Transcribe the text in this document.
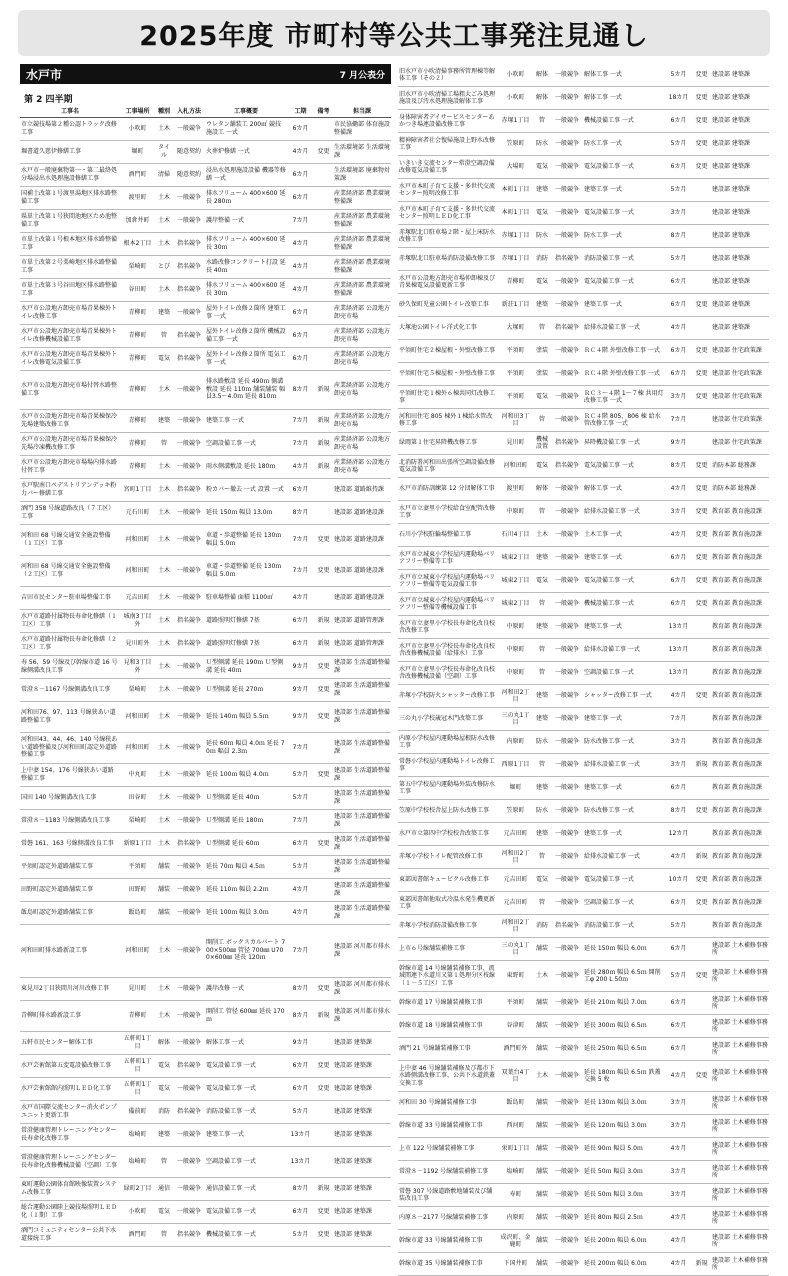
2025年度 市町村等公共工事発注見通し
水戸市	7 月公表分
第 2 四半期
工事名	工事場所	種別	入札方法	工事概要	工期	備考	担当課
市立競技場第２種公認トラック改修工事	小吹町	土木	一般競争	ウレタン舗装工 200㎡ 競技施設工 一式	6カ月		市民協働部 体育施設整備課
堀書道久慈伊修繕工事	堀町	タイル	随意契約	火葬炉修繕 一式	4カ月	変更	生活環境部 生活環境課
水戸市一般廃棄物第一・第二最終処分場浸出水処理施設修繕工事	酒門町	清掃	随意契約	浸出水処理施設設備 機器等修繕 一式	6カ月		生活環境部 廃棄物対策課
国補土改第１号渡里湯地区排水路整備工事	渡里町	土木	一般競争	排水フリューム 400×600 延長 280ｍ	6カ月		産業経済部 農業環境整備課
県単土改第１号狭間池地区ため池整備工事	加倉井町	土木	一般競争	護岸整備 一式	7カ月		産業経済部 農業環境整備課
市単土改第１号根本地区排水路整備工事	根本2丁目	土木	指名競争	排水フリューム 400×600 延長 30ｍ	4カ月		産業経済部 農業環境整備課
市単土改第２号栗崎地区排水路整備工事	栗崎町	とび	指名競争	水路改修コンクリート打設 延長 40ｍ	4カ月		産業経済部 農業環境整備課
市単土改第３号谷田地区排水路整備工事	谷田町	土木	指名競争	排水フリューム 400×600 延長 30ｍ	4カ月		産業経済部 農業環境整備課
水戸市公設地方卸売市場青果棟外トイレ改修工事	青柳町	建築	一般競争	屋外トイレ改修２箇所 建築工事 一式	6カ月		産業経済部 公設地方卸売市場
水戸市公設地方卸売市場青果棟外トイレ改修機械設備工事	青柳町	管	指名競争	屋外トイレ改修２箇所 機械設備工事 一式	6カ月		産業経済部 公設地方卸売市場
水戸市公設地方卸売市場青果棟外トイレ改修電気設備工事	青柳町	電気	指名競争	屋外トイレ改修２箇所 電気工事 一式	6カ月		産業経済部 公設地方卸売市場
水戸市公設地方卸売市場付替水路整備工事	青柳町	土木	一般競争	排水路敷設 延長 490ｍ 側溝敷設 延長 110ｍ 舗装舗装 幅員3.5～4.0ｍ 延長 810ｍ	8カ月	新規	産業経済部 公設地方卸売市場
水戸市公設地方卸売市場青果棟保冷先場建築改修工事	青柳町	建築	一般競争	建築工事 一式	7カ月	新規	産業経済部 公設地方卸売市場
水戸市公設地方卸売市場青果棟保冷先場冷凍機改修工事	青柳町	管	一般競争	空調設備工事 一式	7カ月	新規	産業経済部 公設地方卸売市場
水戸市公設地方卸売市場場内排水路付替工事	青柳町	土木	一般競争	雨水側溝敷設 延長 180ｍ	4カ月	新規	産業経済部 公設地方卸売市場
水戸駅南口ペデストリアンデッキ粉力バー修繕工事	宮町1丁目	土木	指名競争	粉カバー撤去 一式 設置 一式	6カ月		建設部 道路維持課
酒門 358 号線道路改良（７工区）工事	元石川町	土木	一般競争	延長 150ｍ 幅員 13.0ｍ	8カ月		建設部 道路建設課
河和田 68 号線交通安全施設整備（１工区）工事	河和田町	土木	一般競争	車道・歩道整備 延長 130ｍ 幅員 5.0ｍ	7カ月	変更	建設部 道路建設課
河和田 68 号線交通安全施設整備（２工区）工事	河和田町	土木	一般競争	車道・歩道整備 延長 130ｍ 幅員 5.0ｍ	7カ月	変更	建設部 道路建設課
吉田市民センター駐車場整備工事	元吉田町	土木	一般競争	駐車場整備 面積 1100㎡	4カ月		建設部 道路建設課
水戸市道路付属物長寿命化修繕（１工区）工事	城南3丁目外	土木	指名競争	道路照明灯修繕 7基	6カ月	新規	建設部 道路管理課
水戸市道路付属物長寿命化修繕（２工区）工事	見川町外	土木	指名競争	道路照明灯修繕 7基	6カ月	新規	建設部 道路管理課
寿 56、59 号線及び幹線市道 16 号線側溝改良工事	見和3丁目外	土木	一般競争	Ｕ型側溝 延長 190ｍ Ｕ型側溝 延長 40ｍ	9カ月	変更	建設部 生活道路整備課
常澄８－1167 号線側溝改良工事	栗崎町	土木	一般競争	Ｕ型側溝 延長 270ｍ	9カ月	変更	建設部 生活道路整備課
河和田76、97、113 号線狭あい道路整備工事	河和田町	土木	一般競争	延長 140ｍ 幅員 5.5ｍ	9カ月	変更	建設部 生活道路整備課
河和田43、44、46、140 号線狭あい道路整備及び河和田町認定外道路整備工事	河和田町	土木	一般競争	延長 60ｍ 幅員 4.0ｍ 延長 70ｍ 幅員 2.3ｍ	7カ月		建設部 生活道路整備課
上中妻 154、176 号線狭あい道路整備工事	中丸町	土木	一般競争	延長 100ｍ 幅員 4.0ｍ	5カ月	変更	建設部 生活道路整備課
国田 140 号線側溝改良工事	田谷町	土木	一般競争	Ｕ型側溝 延長 40ｍ	5カ月		建設部 生活道路整備課
常澄８－1183 号線側溝改良工事	栗崎町	土木	一般競争	Ｕ型側溝 延長 180ｍ	7カ月		建設部 生活道路整備課
常磐 161、163 号線側溝改良工事	新原1丁目	土木	指名競争	Ｕ型側溝 延長 60ｍ	6カ月	変更	建設部 生活道路整備課
平須町認定外道路舗装工事	平須町	舗装	一般競争	延長 70ｍ 幅員 4.5ｍ	5カ月		建設部 生活道路整備課
田野町認定外道路舗装工事	田野町	舗装	一般競争	延長 110ｍ 幅員 2.2ｍ	4カ月		建設部 生活道路整備課
飯島町認定外道路舗装工事	飯島町	舗装	一般競争	延長 100ｍ 幅員 3.0ｍ	4カ月		建設部 生活道路整備課
河和田町排水路新設工事	河和田町	土木	一般競争	開削工 ボックスカルバート 700×500㎜ 管径 700㎜ U700×600㎜ 延長 120ｍ	7カ月		建設部 河川都市排水課
東見川2丁目狭間川河川改修工事	見川町	土木	一般競争	護岸改修 一式	8カ月	変更	建設部 河川都市排水課
青柳町排水路新設工事	青柳町	土木	一般競争	開削工 管径 600㎜ 延長 170ｍ	8カ月	新規	建設部 河川都市排水課
五軒市民センター解体工事	五軒町1丁目	解体	一般競争	解体工事 一式	9カ月		建設部 建築課
水戸芸術館第五変電設備改修工事	五軒町1丁目	電気	指名競争	電気設備工事 一式	6カ月	変更	建設部 建築課
水戸芸術館館内照明ＬＥＤ化工事	五軒町1丁目	電気	一般競争	電気設備工事 一式	6カ月	変更	建設部 建築課
水戸市国際交流センター消火ポンプユニット更新工事	備前町	消防	指名競争	消防設備工事 一式	5カ月		建設部 建築課
常澄健康管理トレーニングセンター長寿命化改修工事	塩崎町	建築	一般競争	建築工事 一式	13カ月		建設部 建築課
常澄健康管理トレーニングセンター長寿命化改修機械設備（空調）工事	塩崎町	管	一般競争	空調設備工事 一式	13カ月		建設部 建築課
東町運動公園体育館映像装置システム改修工事	緑町2丁目	通信	一般競争	通信設備工事 一式	8カ月	新規	建設部 建築課
総合運動公園陸上競技場照明ＬＥＤ化（１期）工事	小吹町	電気	一般競争	電気設備工事 一式	6カ月	変更	建設部 建築課
酒門コミュニティセンター公共下水道接続工事	酒門町	管	指名競争	機械設備工事 一式	5カ月	変更	建設部 建築課
旧水戸市小吹清掃事務所管理棟等解体工事（その２）	小吹町	解体	一般競争	解体工事 一式	5カ月	変更	建設部 建築課
旧水戸市小吹清掃工場粗大ごみ処理施設及び汚水処理施設解体工事	小吹町	解体	一般競争	解体工事 一式	18カ月	変更	建設部 建築課
身体障害者デイサービスセンターあかつき場連設備改修工事	赤塚1丁目	管	一般競争	機械設備工事 一式	6カ月	変更	建設部 建築課
精神障害者社会復帰施設上野水改修工事	笠原町	防水	一般競争	防水工事 一式	5カ月	変更	建設部 建築課
いきいき交流センター常澄空調設備改修電気設備工事	大場町	電気	一般競争	電気設備工事 一式	6カ月	変更	建設部 建築課
水戸市本町子育て支援・多世代交流センター照明改修工事	本町1丁目	建築	一般競争	建築工事 一式	5カ月		建設部 建築課
水戸市本町子育て支援・多世代交流センター照明ＬＥＤ化工事	本町1丁目	電気	一般競争	電気設備工事 一式	3カ月		建設部 建築課
赤塚駅北口駐車場２階・屋上床防水改修工事	赤塚1丁目	防水	一般競争	防水工事 一式	8カ月		建設部 建築課
赤塚駅北口駐車場消防設備改修工事	赤塚1丁目	消防	指名競争	消防設備工事 一式	5カ月		建設部 建築課
水戸市公設地方卸売市場仲卸棟及び青果棟電気設備更新工事	青柳町	電気	一般競争	電気設備工事 一式	6カ月		建設部 建築課
砂久保町児童公園トイレ改築工事	新荘1丁目	建築	一般競争	建築工事 一式	6カ月	変更	建設部 建築課
大塚池公園トイレ洋式化工事	大塚町	管	指名競争	給排水設備工事 一式	4カ月		建設部 建築課
平須町住宅２棟屋根・外壁改修工事	平須町	塗装	一般競争	ＲＣ４階 外壁改修工事 一式	6カ月	変更	建設部 住宅政策課
平須町住宅５棟屋根・外壁改修工事	平須町	塗装	一般競争	ＲＣ４階 外壁改修工事 一式	6カ月	変更	建設部 住宅政策課
平須町住宅１棟外６棟共同灯改修工事	平須町	電気	一般競争	ＲＣ３～４階 1～７棟 共用灯改修工事 一式	3カ月	変更	建設部 住宅政策課
河和田住宅 805 棟外１棟給水管改修工事	河和田3丁目	管	一般競争	ＲＣ４階 805、806 棟 給水管改修工事 一式	7カ月		建設部 住宅政策課
緑岡第１住宅昇降機改修工事	見川町	機械設置	指名競争	昇降機設備工事 一式	9カ月		建設部 住宅政策課
北消防署河和田出張所空調設備改修電気設備工事	河和田町	電気	指名競争	電気設備工事 一式	8カ月	変更	消防本部 総務課
水戸市消防訓練第 12 分団解体工事	渡里町	解体	一般競争	解体工事 一式	4カ月	変更	消防本部 総務課
水戸市立妻里小学校給食室配管改修工事	中原町	管	一般競争	給排水設備工事 一式	3カ月	変更	教育部 教育施設課
石川小学校駐輪場整備工事	石川4丁目	土木	一般競争	土木工事 一式	4カ月	変更	教育部 教育施設課
水戸市立城東小学校屋内運動場バリアフリー整備等工事	城東2丁目	建築	一般競争	建築工事 一式	6カ月	変更	教育部 教育施設課
水戸市立城東小学校屋内運動場バリアフリー整備等電気設備工事	城東2丁目	電気	一般競争	電気設備工事 一式	6カ月	変更	教育部 教育施設課
水戸市立城東小学校屋内運動場バリアフリー整備等機械設備工事	城東2丁目	管	一般競争	機械設備工事 一式	6カ月	変更	教育部 教育施設課
水戸市立妻里小学校長寿命化改良校舎改修工事	中原町	建築	一般競争	建築工事 一式	13カ月		教育部 教育施設課
水戸市立妻里小学校長寿命化改良校舎改修機械設備（給排水）工事	中原町	管	一般競争	給排水設備工事 一式	13カ月		教育部 教育施設課
水戸市立妻里小学校長寿命化改良校舎改修機械設備（空調）工事	中原町	管	一般競争	空調設備工事 一式	13カ月		教育部 教育施設課
赤塚小学校防火シャッター改修工事	河和田2丁目	建築	一般競争	シャッター改修工事 一式	4カ月	変更	教育部 教育施設課
三の丸小学校歳冠木門改築工事	三の丸1丁目	建築	一般競争	建築工事 一式	7カ月		教育部 教育施設課
内原小学校屋内運動場屋根防水改修工事	内原町	防水	一般競争	防水改修工事 一式	3カ月		教育部 教育施設課
常磐小学校屋内運動場トイレ改修工事	西原1丁目	管	一般競争	給排水設備工事 一式	3カ月	新規	教育部 教育施設課
第五中学校屋内運動場外装改修防水工事	堀町	建築	一般競争	建築工事 一式	6カ月		教育部 教育施設課
笠原中学校校舎屋上防水改修工事	笠原町	防水	一般競争	防水改修工事 一式	8カ月	変更	教育部 教育施設課
水戸市立第四中学校校舎改築工事	元吉田町	建築	一般競争	建築工事 一式	12カ月		教育部 教育施設課
赤塚小学校トイレ配管改修工事	河和田2丁目	管	一般競争	給排水設備工事 一式	4カ月	新規	教育部 教育施設課
東部図書館キュービクル改修工事	元吉田町	電気	一般競争	電気設備工事 一式	10カ月	変更	教育部 教育施設課
東部図書館他取式冷温水発生機更新工事	元吉田町	管	一般競争	空調設備工事 一式	6カ月	変更	教育部 教育施設課
赤塚小学校消防設備改修工事	河和田2丁目	消防	指名競争	消防設備工事 一式	5カ月		教育部 教育施設課
上市６号線舗装補修工事	三の丸1丁目	舗装	一般競争	延長 150ｍ 幅員 6.0ｍ	6カ月		建設部 土木補修事務所
幹線市道 14 号線舗装補修工事、流域関連下水道川又第１処理分区枝線（１－５工区）工事	東野町	土木	一般競争	延長 280ｍ 幅員 6.5ｍ 開削工φ 200 L 50ｍ	5カ月	変更	建設部 土木補修事務所
幹線市道 17 号線舗装補修工事	平須町	舗装	一般競争	延長 210ｍ 幅員 7.0ｍ	6カ月		建設部 土木補修事務所
幹線市道 18 号線舗装補修工事	谷津町	舗装	一般競争	延長 300ｍ 幅員 6.5ｍ	6カ月		建設部 土木補修事務所
酒門 21 号線舗装補修工事	酒門町外	舗装	一般競争	延長 250ｍ 幅員 6.5ｍ	6カ月		建設部 土木補修事務所
上中妻 46 号線舗装補修及び都市下水路側溝改修工事、公共下水道鉄蓋交換工事	双葉台4丁目	土木	一般競争	延長 180ｍ 幅員 6.5ｍ 鉄蓋交換 5 枚	4カ月	変更	建設部 土木補修事務所
河和田 30 号線舗装補修工事	飯島町	舗装	一般競争	延長 130ｍ 幅員 3.0ｍ	3カ月		建設部 土木補修事務所
幹線市道 33 号線舗装補修工事	西河町	舗装	一般競争	延長 120ｍ 幅員 3.0ｍ	3カ月		建設部 土木補修事務所
上市 122 号線舗装補修工事	栄町1丁目	舗装	一般競争	延長 90ｍ 幅員 5.0ｍ	4カ月		建設部 土木補修事務所
常澄８－1192 号線舗装補修工事	塩崎町	舗装	一般競争	延長 50ｍ 幅員 3.0ｍ	3カ月		建設部 土木補修事務所
常磐 307 号線道路敷地舗装及び舗装改良工事	寿町	舗装	一般競争	延長 50ｍ 幅員 3.0ｍ	3カ月		建設部 土木補修事務所
内原８－2177 号線舗装補修工事	内原町	舗装	一般競争	延長 80ｍ 幅員 2.5ｍ	4カ月		建設部 土木補修事務所
幹線市道 33 号線舗装補修工事	成沢町、金鹿町	舗装	一般競争	延長 200ｍ 幅員 6.0ｍ	4カ月		建設部 土木補修事務所
幹線市道 35 号線舗装補修工事	下国井町	舗装	一般競争	延長 200ｍ 幅員 6.0ｍ	4カ月	新規	建設部 土木補修事務所
